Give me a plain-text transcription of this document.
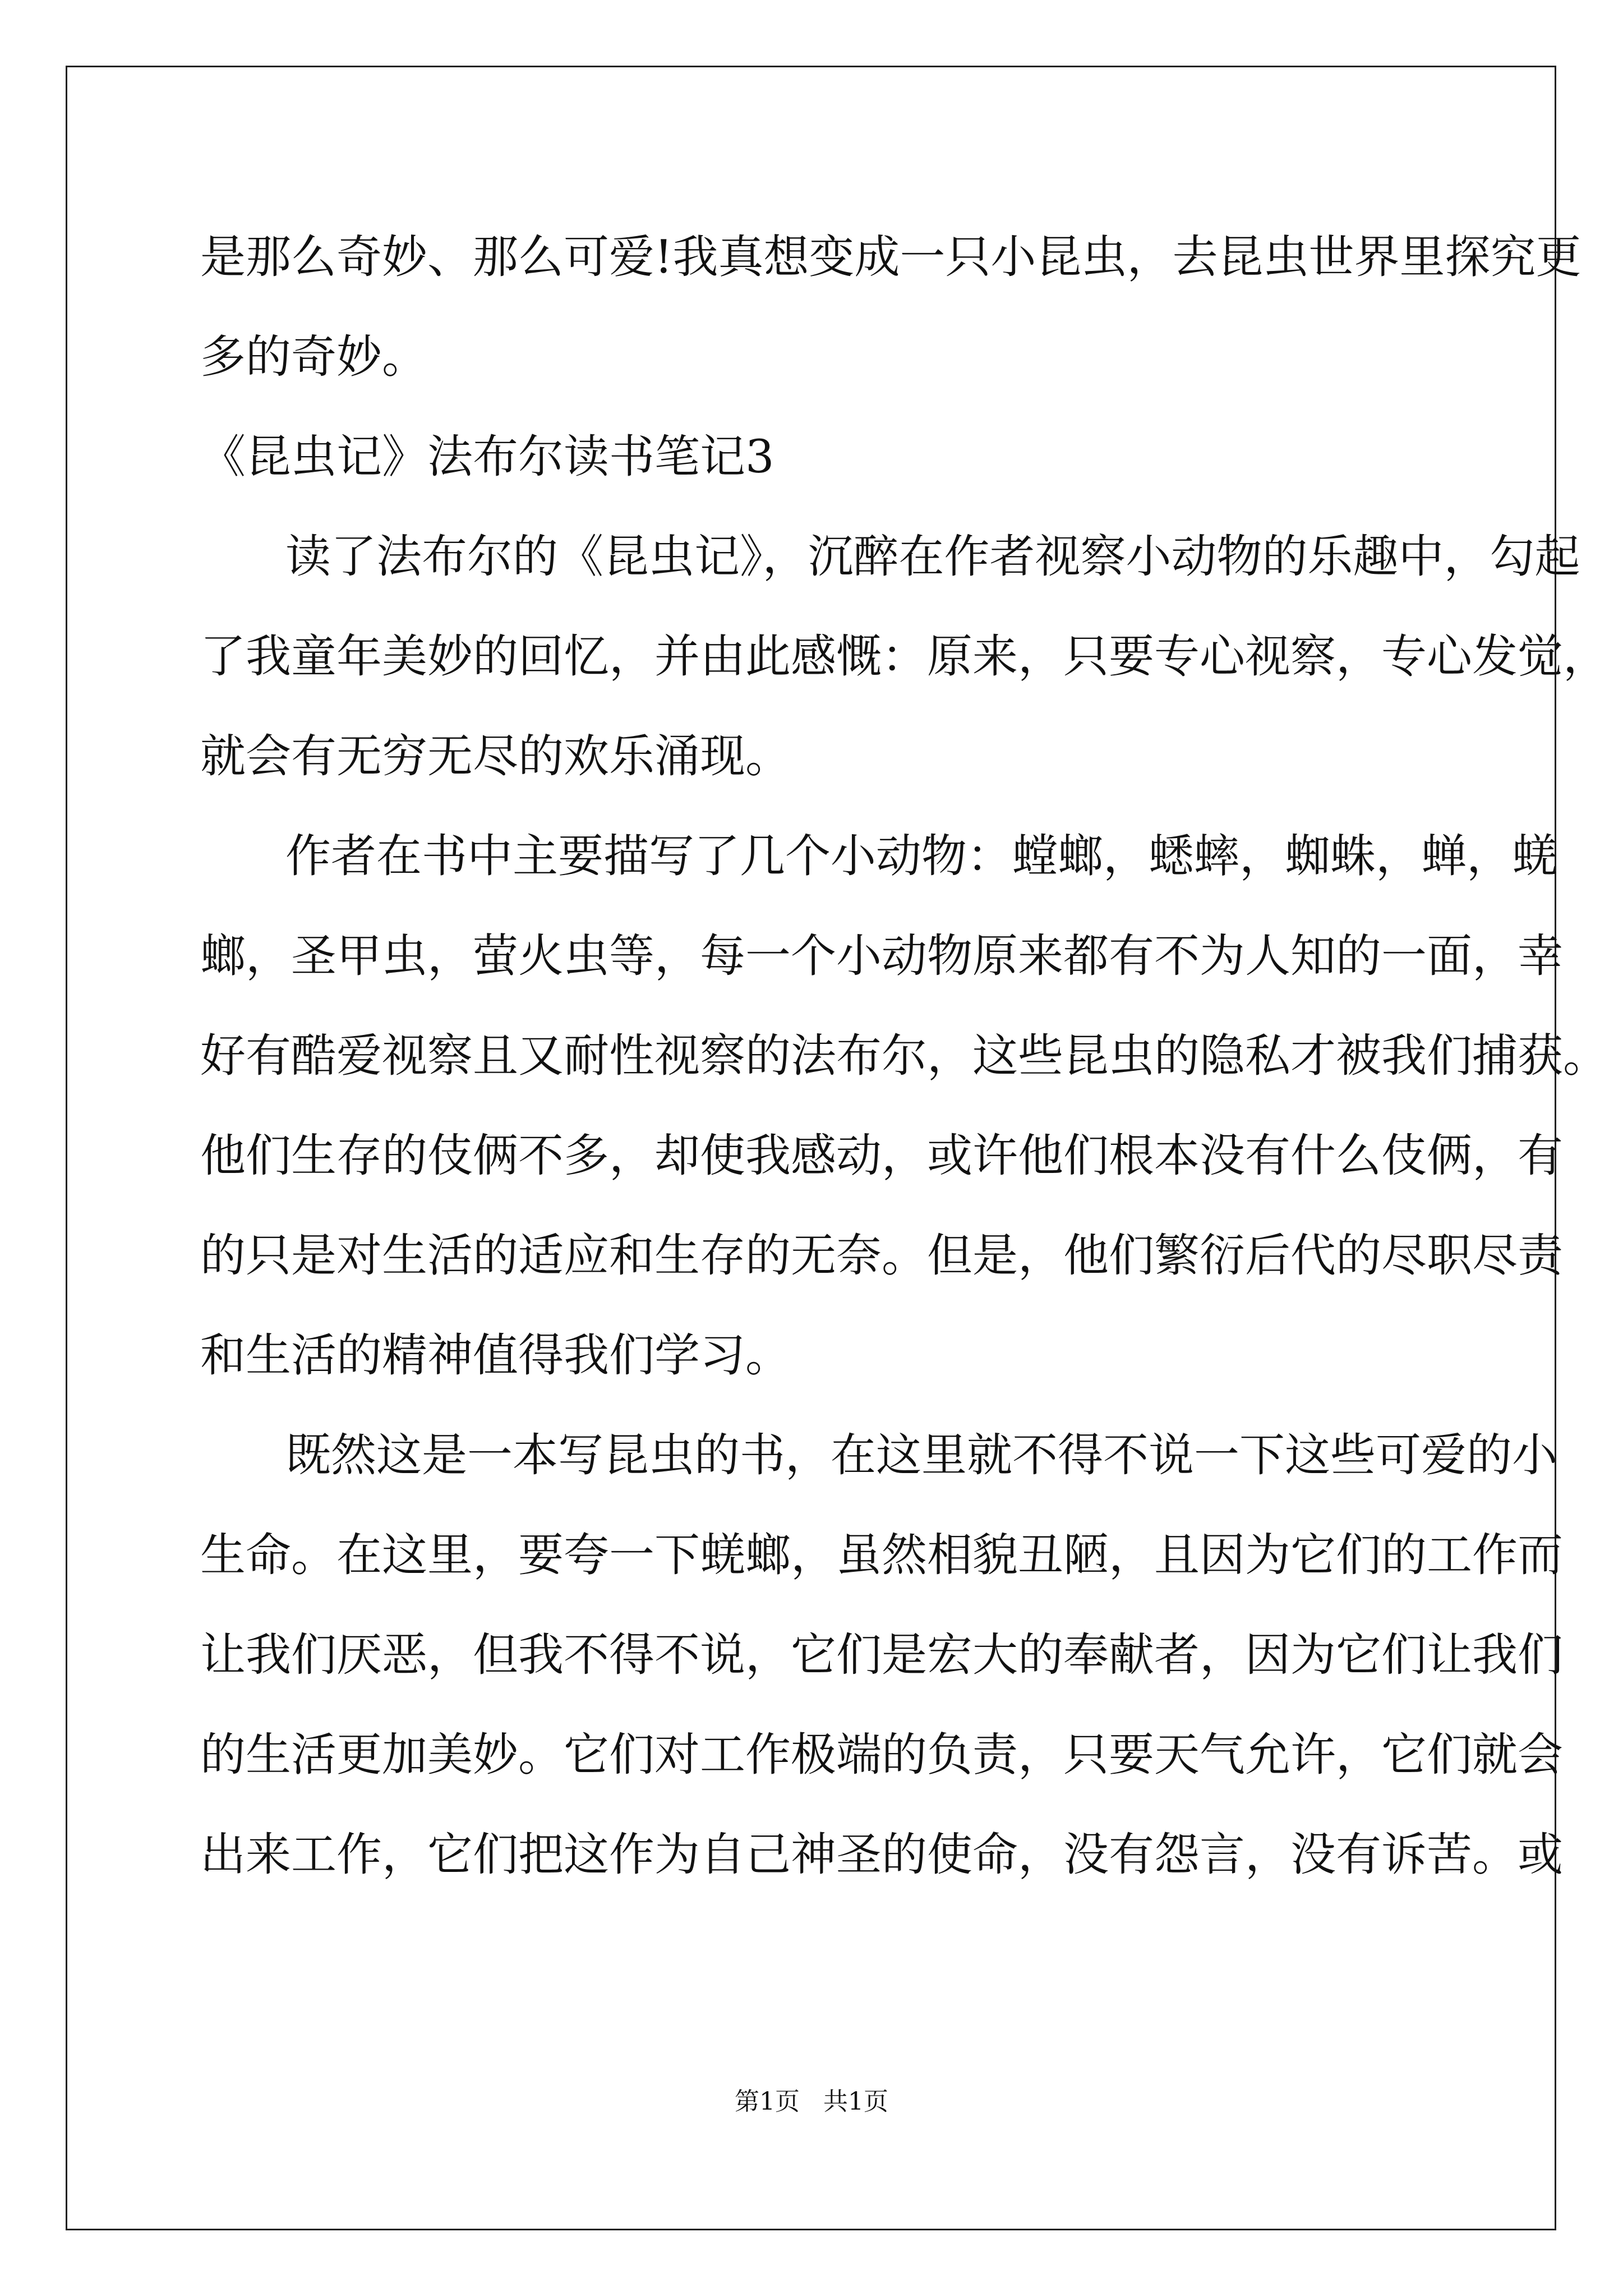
是那么奇妙、那么可爱!我真想变成一只小昆虫，去昆虫世界里探究更
多的奇妙。
《昆虫记》法布尔读书笔记3
读了法布尔的《昆虫记》，沉醉在作者视察小动物的乐趣中，勾起
了我童年美妙的回忆，并由此感慨：原来，只要专心视察，专心发觉，
就会有无穷无尽的欢乐涌现。
作者在书中主要描写了几个小动物：螳螂，蟋蟀，蜘蛛，蝉，蜣
螂，圣甲虫，萤火虫等，每一个小动物原来都有不为人知的一面，幸
好有酷爱视察且又耐性视察的法布尔，这些昆虫的隐私才被我们捕获。
他们生存的伎俩不多，却使我感动，或许他们根本没有什么伎俩，有
的只是对生活的适应和生存的无奈。但是，他们繁衍后代的尽职尽责
和生活的精神值得我们学习。
既然这是一本写昆虫的书，在这里就不得不说一下这些可爱的小
生命。在这里，要夸一下蜣螂，虽然相貌丑陋，且因为它们的工作而
让我们厌恶，但我不得不说，它们是宏大的奉献者，因为它们让我们
的生活更加美妙。它们对工作极端的负责，只要天气允许，它们就会
出来工作，它们把这作为自己神圣的使命，没有怨言，没有诉苦。或
第1页   共1页
